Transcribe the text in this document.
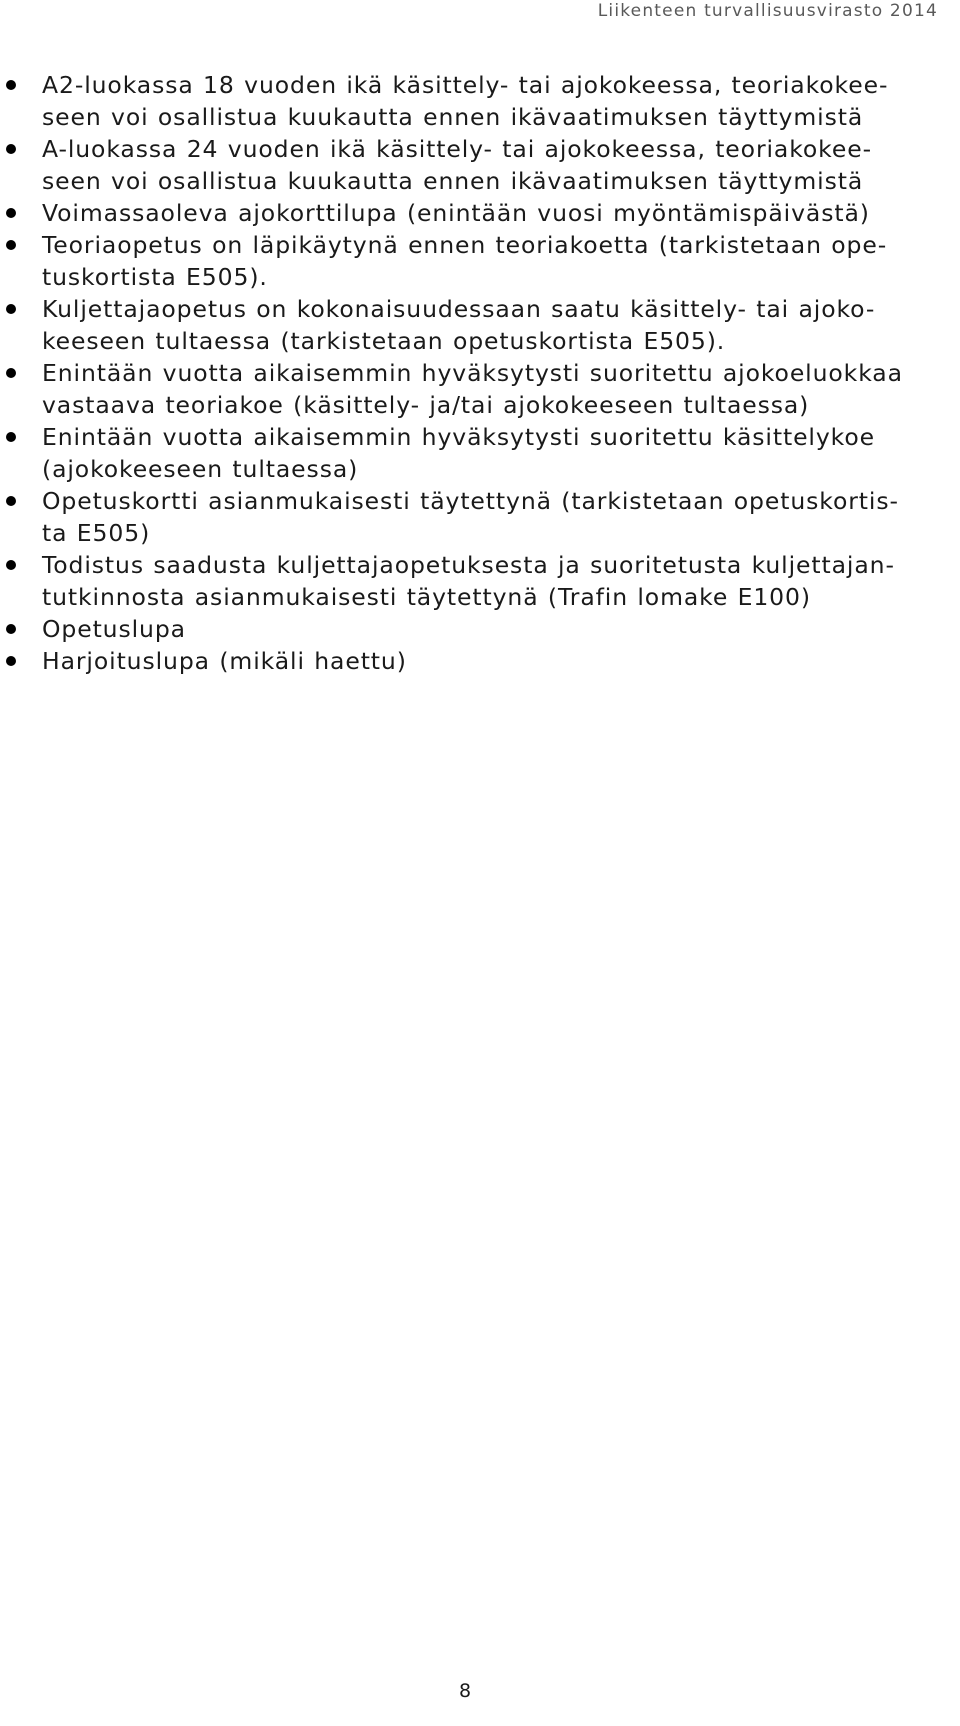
Liikenteen turvallisuusvirasto 2014
A2-luokassa 18 vuoden ikä käsittely- tai ajokokeessa, teoriakokee-
seen voi osallistua kuukautta ennen ikävaatimuksen täyttymistä
A-luokassa 24 vuoden ikä käsittely- tai ajokokeessa, teoriakokee-
seen voi osallistua kuukautta ennen ikävaatimuksen täyttymistä
Voimassaoleva ajokorttilupa (enintään vuosi myöntämispäivästä)
Teoriaopetus on läpikäytynä ennen teoriakoetta (tarkistetaan ope-
tuskortista E505).
Kuljettajaopetus on kokonaisuudessaan saatu käsittely- tai ajoko-
keeseen tultaessa (tarkistetaan opetuskortista E505).
Enintään vuotta aikaisemmin hyväksytysti suoritettu ajokoeluokkaa
vastaava teoriakoe (käsittely- ja/tai ajokokeeseen tultaessa)
Enintään vuotta aikaisemmin hyväksytysti suoritettu käsittelykoe
(ajokokeeseen tultaessa)
Opetuskortti asianmukaisesti täytettynä (tarkistetaan opetuskortis-
ta E505)
Todistus saadusta kuljettajaopetuksesta ja suoritetusta kuljettajan-
tutkinnosta asianmukaisesti täytettynä (Trafin lomake E100)
Opetuslupa
Harjoituslupa (mikäli haettu)
8
